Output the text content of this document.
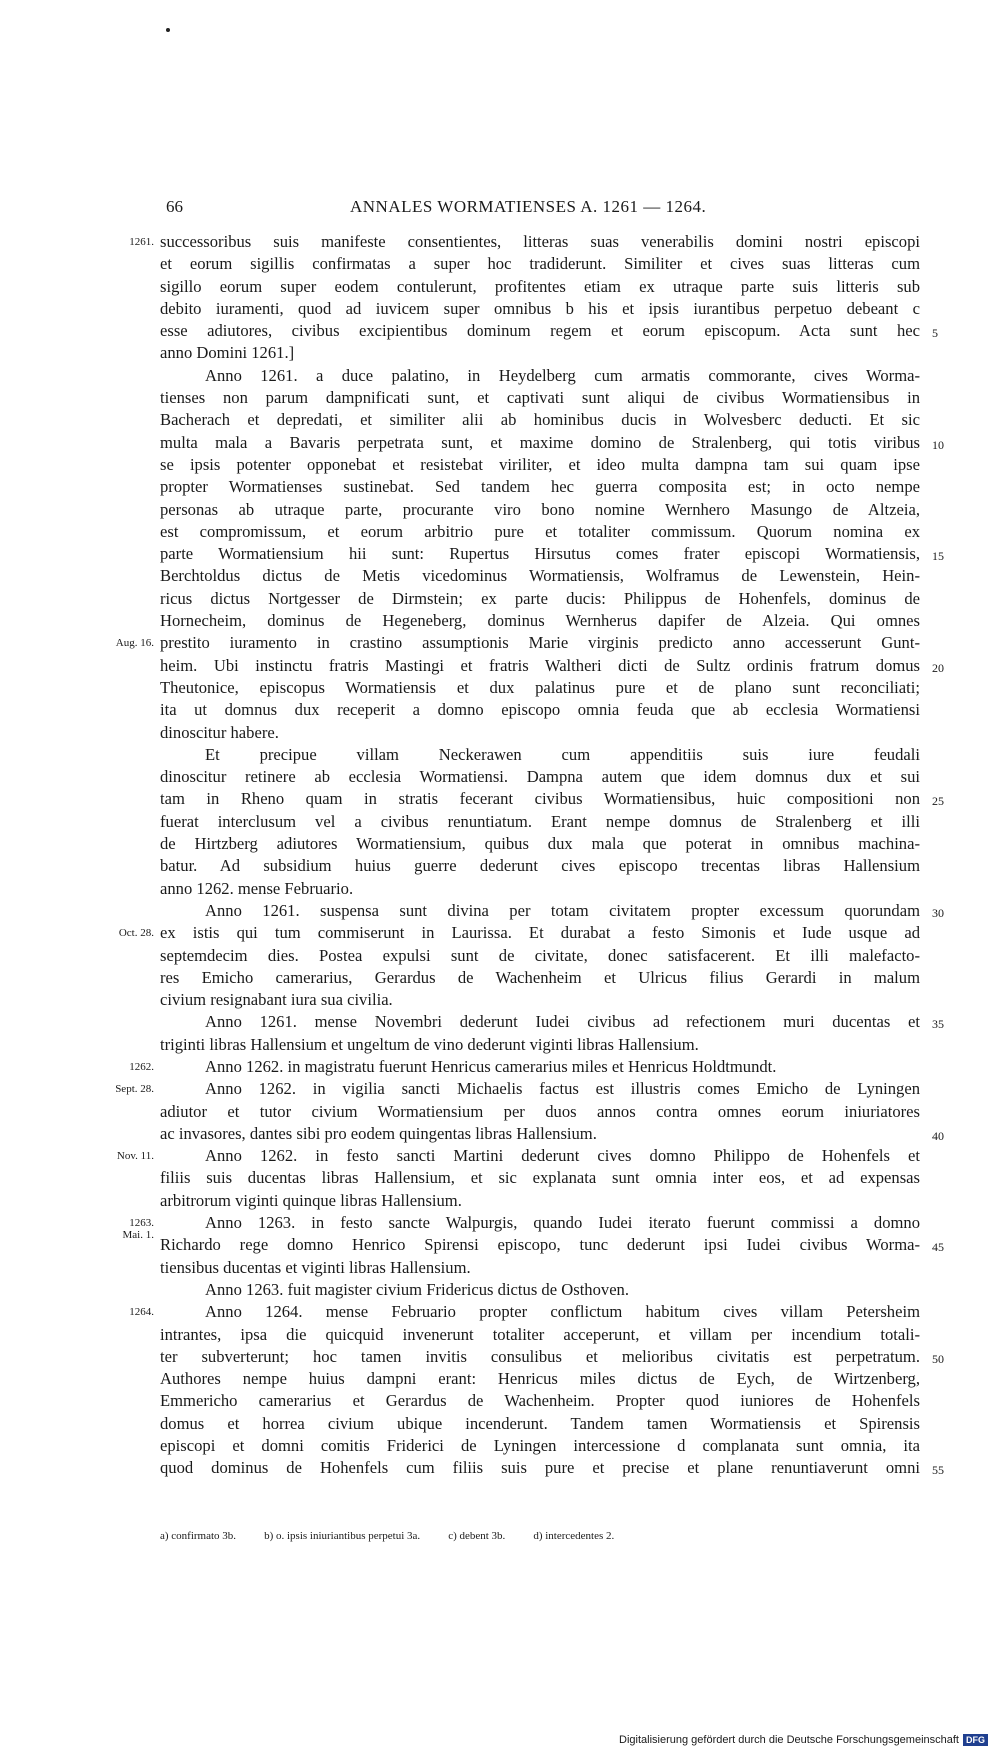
66	ANNALES WORMATIENSES A. 1261 — 1264.
successoribus suis manifeste consentientes, litteras suas venerabilis domini nostri episcopi
1261.
et eorum sigillis confirmatas a super hoc tradiderunt. Similiter et cives suas litteras cum
sigillo eorum super eodem contulerunt, profitentes etiam ex utraque parte suis litteris sub
debito iuramenti, quod ad iuvicem super omnibus b his et ipsis iurantibus perpetuo debeant c
esse adiutores, civibus excipientibus dominum regem et eorum episcopum. Acta sunt hec 5
anno Domini 1261.]
Anno 1261. a duce palatino, in Heydelberg cum armatis commorante, cives Worma-
tienses non parum dampnificati sunt, et captivati sunt aliqui de civibus Wormatiensibus in
Bacherach et depredati, et similiter alii ab hominibus ducis in Wolvesberc deducti. Et sic
multa mala a Bavaris perpetrata sunt, et maxime domino de Stralenberg, qui totis viribus 10
se ipsis potenter opponebat et resistebat viriliter, et ideo multa dampna tam sui quam ipse
propter Wormatienses sustinebat. Sed tandem hec guerra composita est; in octo nempe
personas ab utraque parte, procurante viro bono nomine Wernhero Masungo de Altzeia,
est compromissum, et eorum arbitrio pure et totaliter commissum. Quorum nomina ex
parte Wormatiensium hii sunt: Rupertus Hirsutus comes frater episcopi Wormatiensis, 15
Berchtoldus dictus de Metis vicedominus Wormatiensis, Wolframus de Lewenstein, Hein-
ricus dictus Nortgesser de Dirmstein; ex parte ducis: Philippus de Hohenfels, dominus de
Hornecheim, dominus de Hegeneberg, dominus Wernherus dapifer de Alzeia. Qui omnes
prestito iuramento in crastino assumptionis Marie virginis predicto anno accesserunt Gunt-
Aug. 16.
heim. Ubi instinctu fratris Mastingi et fratris Waltheri dicti de Sultz ordinis fratrum domus 20
Theutonice, episcopus Wormatiensis et dux palatinus pure et de plano sunt reconciliati;
ita ut domnus dux receperit a domno episcopo omnia feuda que ab ecclesia Wormatiensi
dinoscitur habere.
Et precipue villam Neckerawen cum appenditiis suis iure feudali
dinoscitur retinere ab ecclesia Wormatiensi. Dampna autem que idem domnus dux et sui
tam in Rheno quam in stratis fecerant civibus Wormatiensibus, huic compositioni non 25
fuerat interclusum vel a civibus renuntiatum. Erant nempe domnus de Stralenberg et illi
de Hirtzberg adiutores Wormatiensium, quibus dux mala que poterat in omnibus machina-
batur. Ad subsidium huius guerre dederunt cives episcopo trecentas libras Hallensium
anno 1262. mense Februario.
Anno 1261. suspensa sunt divina per totam civitatem propter excessum quorundam 30
ex istis qui tum commiserunt in Laurissa. Et durabat a festo Simonis et Iude usque ad
Oct. 28.
septemdecim dies. Postea expulsi sunt de civitate, donec satisfacerent. Et illi malefacto-
res Emicho camerarius, Gerardus de Wachenheim et Ulricus filius Gerardi in malum
civium resignabant iura sua civilia.
Anno 1261. mense Novembri dederunt Iudei civibus ad refectionem muri ducentas et 35
triginti libras Hallensium et ungeltum de vino dederunt viginti libras Hallensium.
Anno 1262. in magistratu fuerunt Henricus camerarius miles et Henricus Holdtmundt.
1262.
Anno 1262. in vigilia sancti Michaelis factus est illustris comes Emicho de Lyningen
Sept. 28.
adiutor et tutor civium Wormatiensium per duos annos contra omnes eorum iniuriatores
ac invasores, dantes sibi pro eodem quingentas libras Hallensium.	40
Anno 1262. in festo sancti Martini dederunt cives domno Philippo de Hohenfels et
Nov. 11.
filiis suis ducentas libras Hallensium, et sic explanata sunt omnia inter eos, et ad expensas
arbitrorum viginti quinque libras Hallensium.
Anno 1263. in festo sancte Walpurgis, quando Iudei iterato fuerunt commissi a domno
1263.
Mai. 1.
Richardo rege domno Henrico Spirensi episcopo, tunc dederunt ipsi Iudei civibus Worma- 45
tiensibus ducentas et viginti libras Hallensium.
Anno 1263. fuit magister civium Fridericus dictus de Osthoven.
Anno 1264. mense Februario propter conflictum habitum cives villam Petersheim
1264.
intrantes, ipsa die quicquid invenerunt totaliter acceperunt, et villam per incendium totali-
ter subverterunt; hoc tamen invitis consulibus et melioribus civitatis est perpetratum. 50
Authores nempe huius dampni erant: Henricus miles dictus de Eych, de Wirtzenberg,
Emmericho camerarius et Gerardus de Wachenheim. Propter quod iuniores de Hohenfels
domus et horrea civium ubique incenderunt. Tandem tamen Wormatiensis et Spirensis
episcopi et domni comitis Friderici de Lyningen intercessione d complanata sunt omnia, ita
quod dominus de Hohenfels cum filiis suis pure et precise et plane renuntiaverunt omni 55
a) confirmato 3b.	b) o. ipsis iniuriantibus perpetui 3a.	c) debent 3b.	d) intercedentes 2.
Digitalisierung gefördert durch die Deutsche Forschungsgemeinschaft DFG
